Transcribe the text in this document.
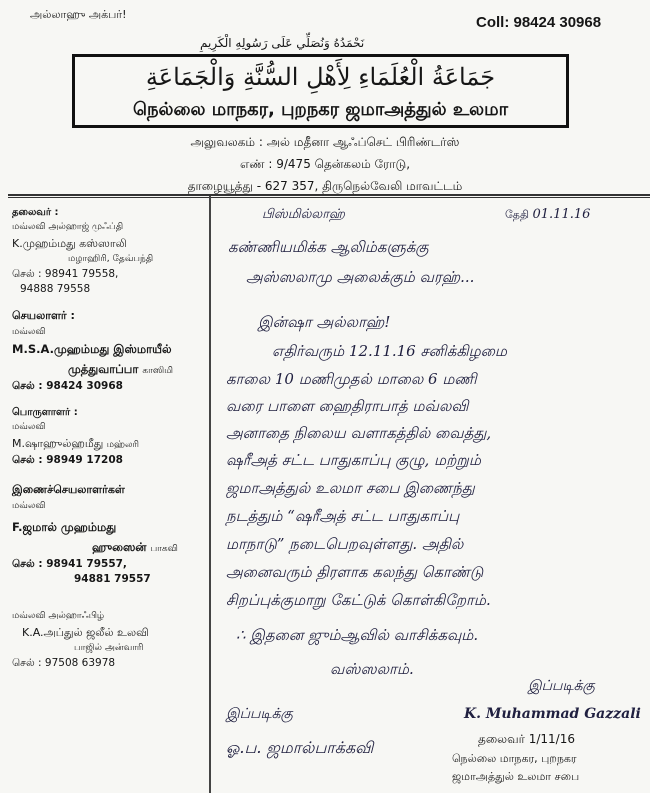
அல்லாஹு அக்பர்!	Coll: 98424 30968
نَحْمَدُهُ وَنُصَلِّي عَلَى رَسُولِهِ الْكَرِيمِ
جَمَاعَةُ الْعُلَمَاءِ لِأَهْلِ السُّنَّةِ وَالْجَمَاعَةِ
நெல்லை மாநகர, புறநகர ஜமாஅத்துல் உலமா
அலுவலகம் : அல் மதீனா ஆஃப்செட் பிரிண்டர்ஸ்
எண் : 9/475 தென்கலம் ரோடு,
தாழையூத்து - 627 357, திருநெல்வேலி மாவட்டம்
தலைவர் :
மவ்லவி அல்ஹாஜ் முஃப்தி
K.முஹம்மது கஸ்ஸாலி
மழாஹிரி, தேவ்பந்தி
செல் : 98941 79558,
94888 79558
செயலாளர் :
மவ்லவி
M.S.A.முஹம்மது இஸ்மாயீல்
முத்துவாப்பா காஸிமி
செல் : 98424 30968
பொருளாளர் :
மவ்லவி
M.ஷாஹுல்ஹமீது மஹ்லரி
செல் : 98949 17208
இணைச்செயலாளர்கள்
மவ்லவி
F.ஜமால் முஹம்மது
ஹுஸைன் பாகவி
செல் : 98941 79557,
94881 79557
மவ்லவி அல்ஹாஃபிழ்
K.A.அப்துல் ஜலீல் உலவி
பாஜில் அன்வாரி
செல் : 97508 63978
பிஸ்மில்லாஹ்	தேதி 01.11.16
கண்ணியமிக்க ஆலிம்களுக்கு
அஸ்ஸலாமு அலைக்கும் வரஹ்...
இன்ஷா அல்லாஹ்!
எதிர்வரும் 12.11.16 சனிக்கிழமை
காலை 10 மணிமுதல் மாலை 6 மணி
வரை பாளை ஹைதிராபாத் மவ்லவி
அனாதை நிலைய வளாகத்தில் வைத்து,
ஷரீஅத் சட்ட பாதுகாப்பு குழு, மற்றும்
ஜமாஅத்துல் உலமா சபை இணைந்து
நடத்தும் “ஷரீஅத் சட்ட பாதுகாப்பு
மாநாடு” நடைபெறவுள்ளது. அதில்
அனைவரும் திரளாக கலந்து கொண்டு
சிறப்புக்குமாறு கேட்டுக் கொள்கிறோம்.
∴ இதனை ஜும்ஆவில் வாசிக்கவும்.
வஸ்ஸலாம்.
இப்படிக்கு
ஓ.ப. ஜமால்பாக்கவி
இப்படிக்கு
K. Muhammad Gazzali
தலைவர் 1/11/16
நெல்லை மாநகர, புறநகர
ஜமாஅத்துல் உலமா சபை
